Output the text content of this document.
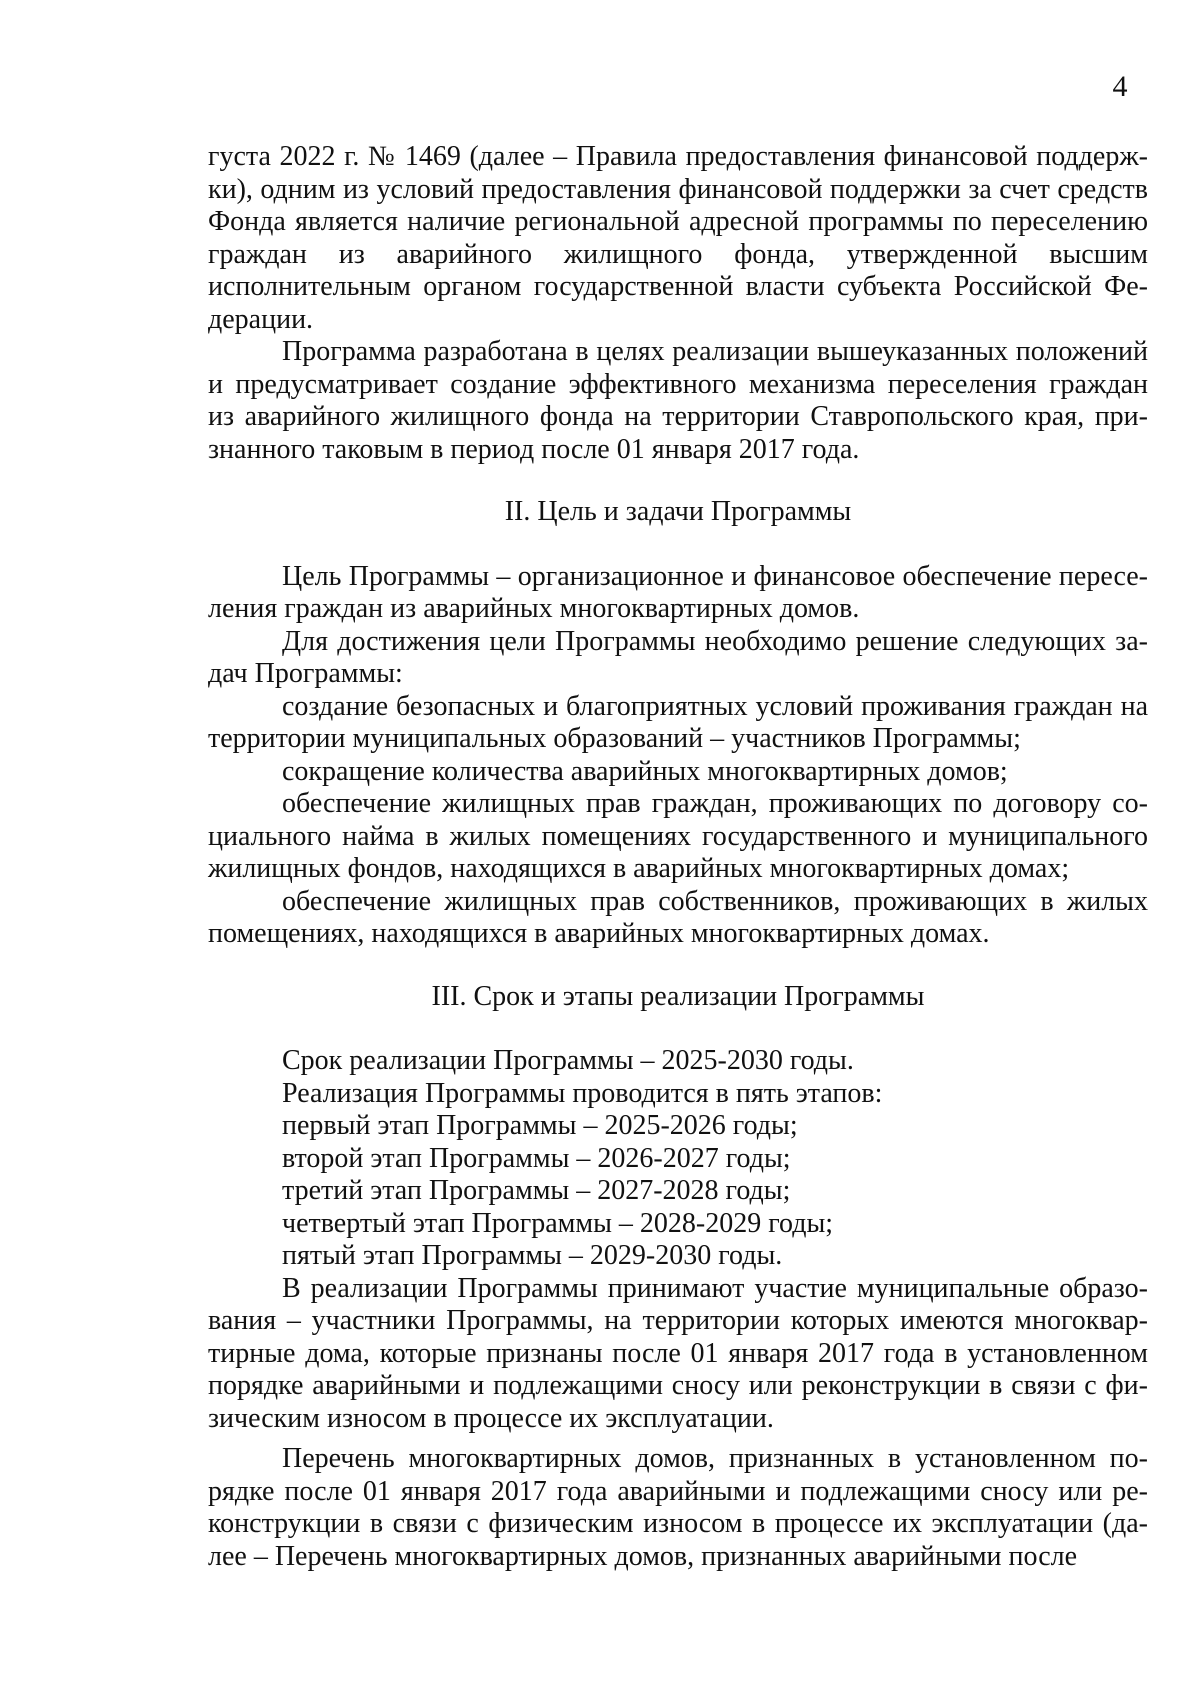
4

густа 2022 г. № 1469 (далее – Правила предоставления финансовой поддержки), одним из условий предоставления финансовой поддержки за счет средств Фонда является наличие региональной адресной программы по переселению граждан из аварийного жилищного фонда, утвержденной высшим исполнительным органом государственной власти субъекта Российской Федерации.

Программа разработана в целях реализации вышеуказанных положений и предусматривает создание эффективного механизма переселения граждан из аварийного жилищного фонда на территории Ставропольского края, признанного таковым в период после 01 января 2017 года.

II. Цель и задачи Программы

Цель Программы – организационное и финансовое обеспечение переселения граждан из аварийных многоквартирных домов.

Для достижения цели Программы необходимо решение следующих задач Программы:

создание безопасных и благоприятных условий проживания граждан на территории муниципальных образований – участников Программы;

сокращение количества аварийных многоквартирных домов;

обеспечение жилищных прав граждан, проживающих по договору социального найма в жилых помещениях государственного и муниципального жилищных фондов, находящихся в аварийных многоквартирных домах;

обеспечение жилищных прав собственников, проживающих в жилых помещениях, находящихся в аварийных многоквартирных домах.

III. Срок и этапы реализации Программы

Срок реализации Программы – 2025-2030 годы.

Реализация Программы проводится в пять этапов:

первый этап Программы – 2025-2026 годы;

второй этап Программы – 2026-2027 годы;

третий этап Программы – 2027-2028 годы;

четвертый этап Программы – 2028-2029 годы;

пятый этап Программы – 2029-2030 годы.

В реализации Программы принимают участие муниципальные образования – участники Программы, на территории которых имеются многоквартирные дома, которые признаны после 01 января 2017 года в установленном порядке аварийными и подлежащими сносу или реконструкции в связи с физическим износом в процессе их эксплуатации.

Перечень многоквартирных домов, признанных в установленном порядке после 01 января 2017 года аварийными и подлежащими сносу или реконструкции в связи с физическим износом в процессе их эксплуатации (далее – Перечень многоквартирных домов, признанных аварийными после
